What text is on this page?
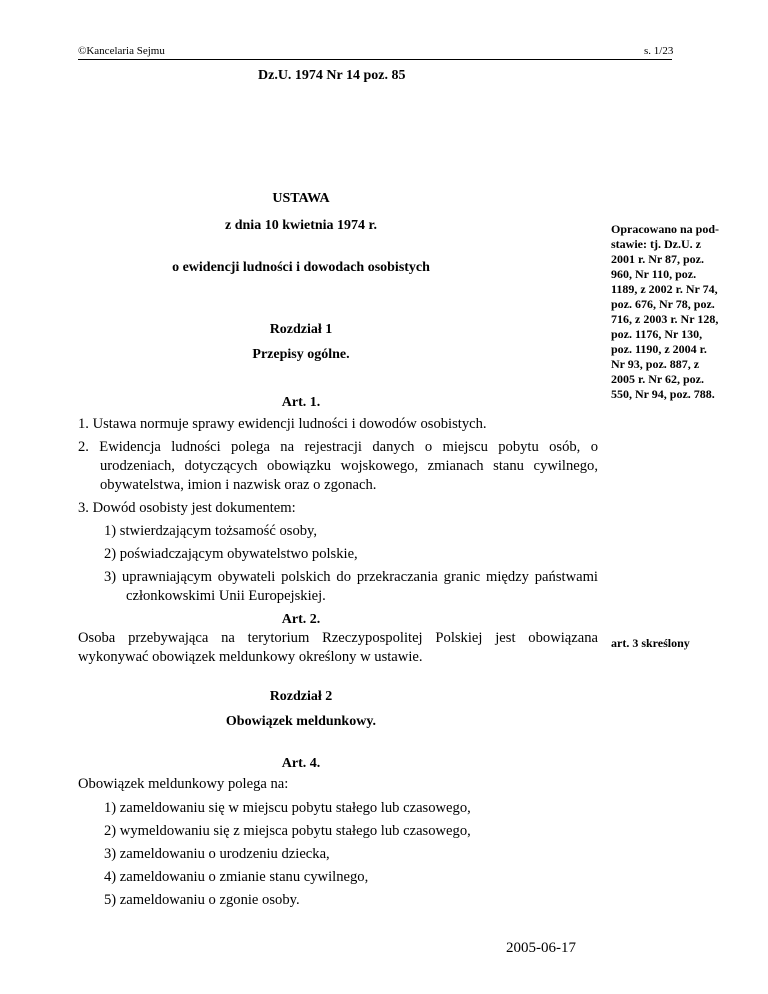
©Kancelaria Sejmu	s. 1/23
Dz.U. 1974 Nr 14 poz. 85
USTAWA
z dnia 10 kwietnia 1974 r.
o ewidencji ludności i dowodach osobistych
Opracowano na pod-
stawie: tj. Dz.U. z
2001 r. Nr 87, poz.
960, Nr 110, poz.
1189, z 2002 r. Nr 74,
poz. 676, Nr 78, poz.
716, z 2003 r. Nr 128,
poz. 1176, Nr 130,
poz. 1190, z 2004 r.
Nr 93, poz. 887, z
2005 r. Nr 62, poz.
550, Nr 94, poz. 788.
art. 3 skreślony
Rozdział 1
Przepisy ogólne.
Art. 1.
1. Ustawa normuje sprawy ewidencji ludności i dowodów osobistych.
2. Ewidencja ludności polega na rejestracji danych o miejscu pobytu osób, o urodzeniach, dotyczących obowiązku wojskowego, zmianach stanu cywilnego, obywatelstwa, imion i nazwisk oraz o zgonach.
3. Dowód osobisty jest dokumentem:
1) stwierdzającym tożsamość osoby,
2) poświadczającym obywatelstwo polskie,
3) uprawniającym obywateli polskich do przekraczania granic między państwami członkowskimi Unii Europejskiej.
Art. 2.
Osoba przebywająca na terytorium Rzeczypospolitej Polskiej jest obowiązana wykonywać obowiązek meldunkowy określony w ustawie.
Rozdział 2
Obowiązek meldunkowy.
Art. 4.
Obowiązek meldunkowy polega na:
1) zameldowaniu się w miejscu pobytu stałego lub czasowego,
2) wymeldowaniu się z miejsca pobytu stałego lub czasowego,
3) zameldowaniu o urodzeniu dziecka,
4) zameldowaniu o zmianie stanu cywilnego,
5) zameldowaniu o zgonie osoby.
2005-06-17
